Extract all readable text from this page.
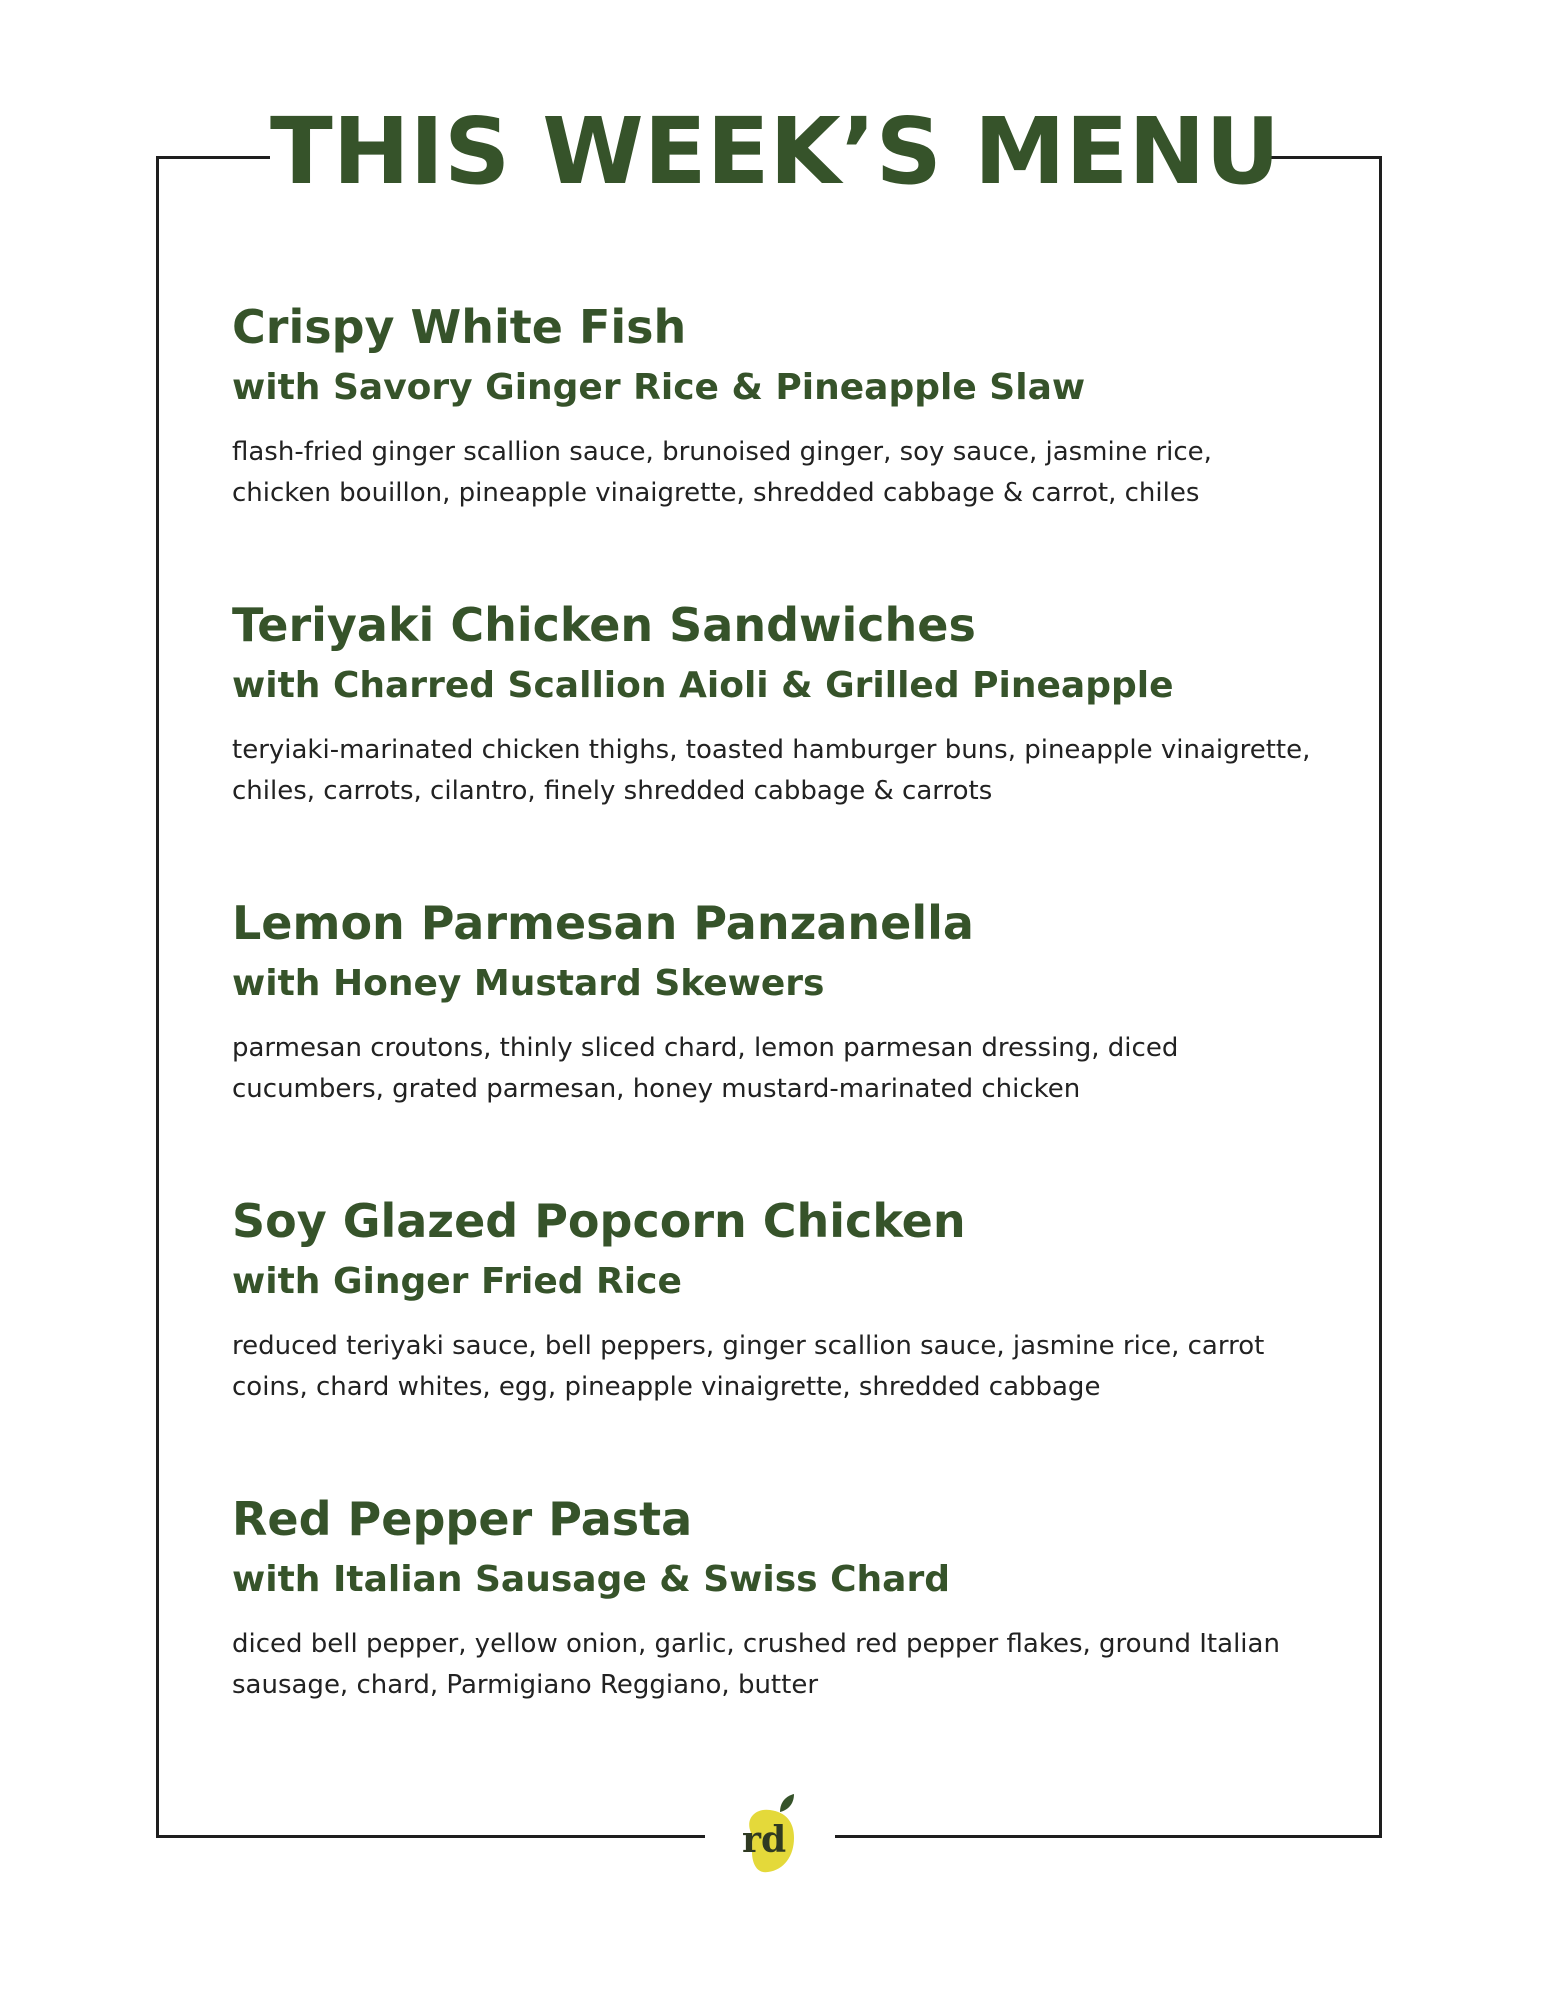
THIS WEEK’S MENU
Crispy White Fish
with Savory Ginger Rice & Pineapple Slaw
flash-fried ginger scallion sauce, brunoised ginger, soy sauce, jasmine rice, chicken bouillon, pineapple vinaigrette, shredded cabbage & carrot, chiles
Teriyaki Chicken Sandwiches
with Charred Scallion Aioli & Grilled Pineapple
teryiaki-marinated chicken thighs, toasted hamburger buns, pineapple vinaigrette, chiles, carrots, cilantro, finely shredded cabbage & carrots
Lemon Parmesan Panzanella
with Honey Mustard Skewers
parmesan croutons, thinly sliced chard, lemon parmesan dressing, diced cucumbers, grated parmesan, honey mustard-marinated chicken
Soy Glazed Popcorn Chicken
with Ginger Fried Rice
reduced teriyaki sauce, bell peppers, ginger scallion sauce, jasmine rice, carrot coins, chard whites, egg, pineapple vinaigrette, shredded cabbage
Red Pepper Pasta
with Italian Sausage & Swiss Chard
diced bell pepper, yellow onion, garlic, crushed red pepper flakes, ground Italian sausage, chard, Parmigiano Reggiano, butter
rd
